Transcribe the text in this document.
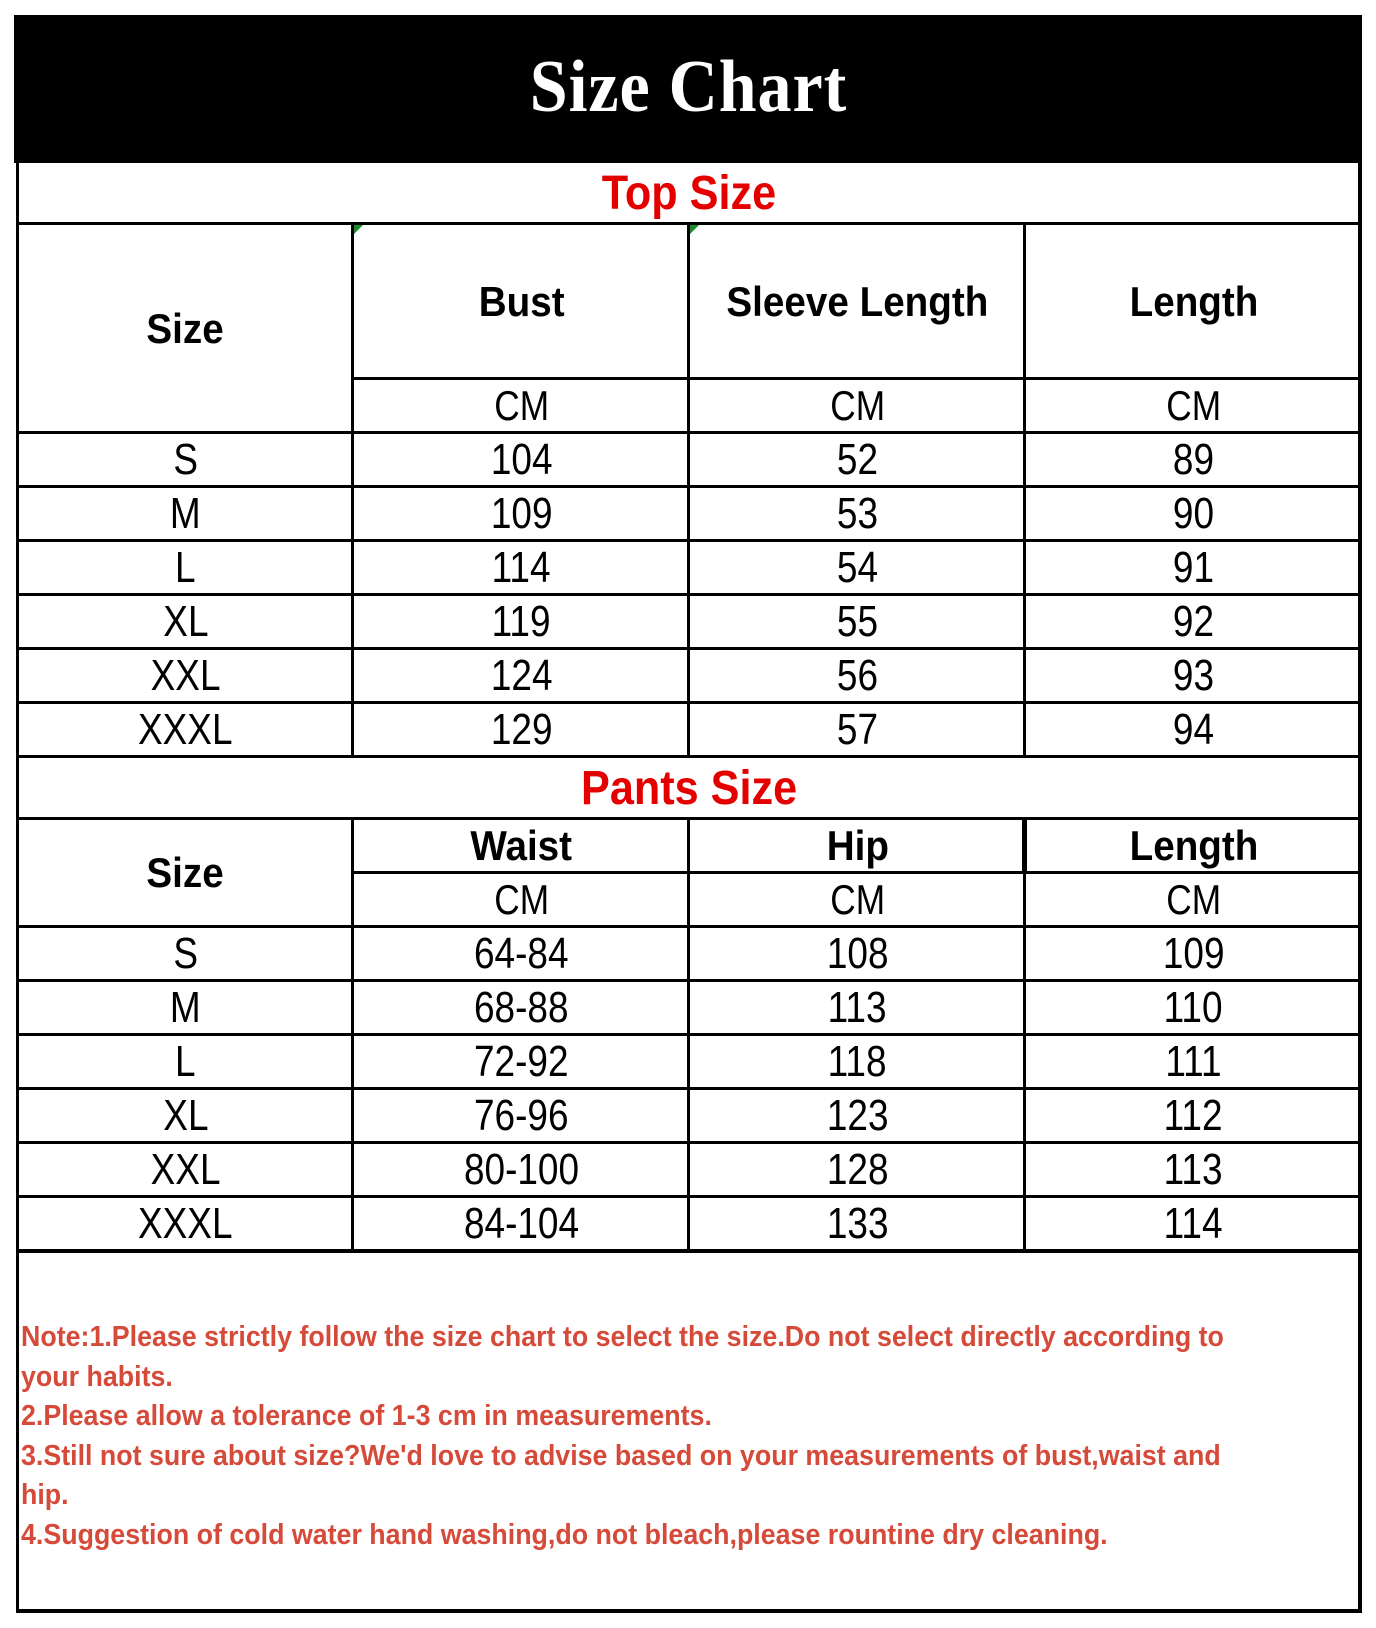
Size Chart
Top Size
Size
Bust	Sleeve Length	Length
CM	CM	CM
S	104	52	89
M	109	53	90
L	114	54	91
XL	119	55	92
XXL	124	56	93
XXXL	129	57	94
Pants Size
Size
Waist	Hip	Length
CM	CM	CM
S	64-84	108	109
M	68-88	113	110
L	72-92	118	111
XL	76-96	123	112
XXL	80-100	128	113
XXXL	84-104	133	114
Note:1.Please strictly follow the size chart to select the size.Do not select directly according to
your habits.
2.Please allow a tolerance of 1-3 cm in measurements.
3.Still not sure about size?We'd love to advise based on your measurements of bust,waist and
hip.
4.Suggestion of cold water hand washing,do not bleach,please rountine dry cleaning.
